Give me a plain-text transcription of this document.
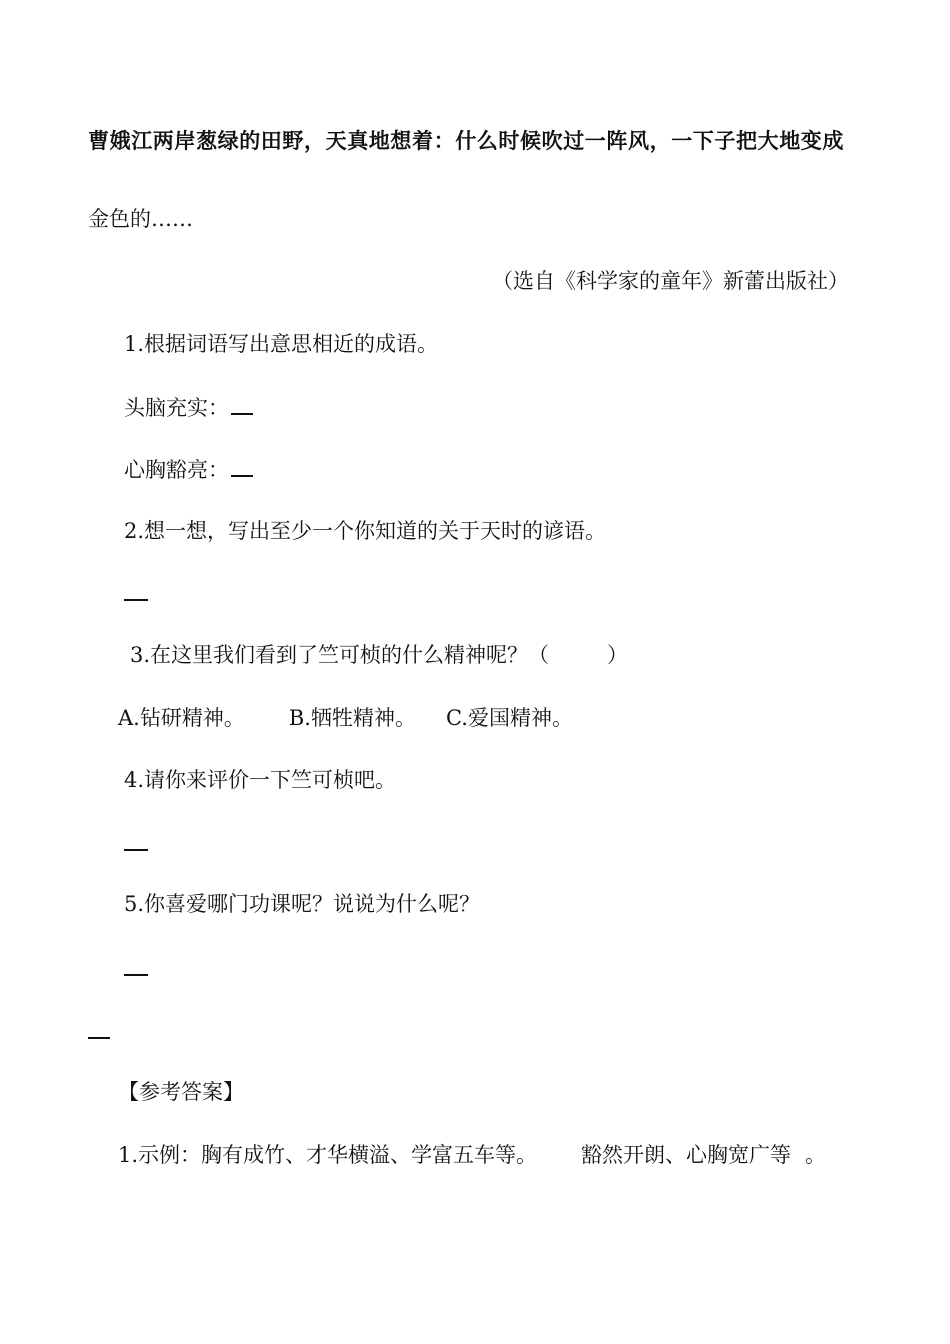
曹娥江两岸葱绿的田野，天真地想着：什么时候吹过一阵风，一下子把大地变成
金色的……
（选自《科学家的童年》新蕾出版社）
1.根据词语写出意思相近的成语。
头脑充实：
心胸豁亮：
2.想一想，写出至少一个你知道的关于天时的谚语。
3.在这里我们看到了竺可桢的什么精神呢？（	）
A.钻研精神。 B.牺牲精神。 C.爱国精神。
4.请你来评价一下竺可桢吧。
5.你喜爱哪门功课呢？说说为什么呢？
【参考答案】
1.示例：胸有成竹、才华横溢、学富五车等。 豁然开朗、心胸宽广等 。
